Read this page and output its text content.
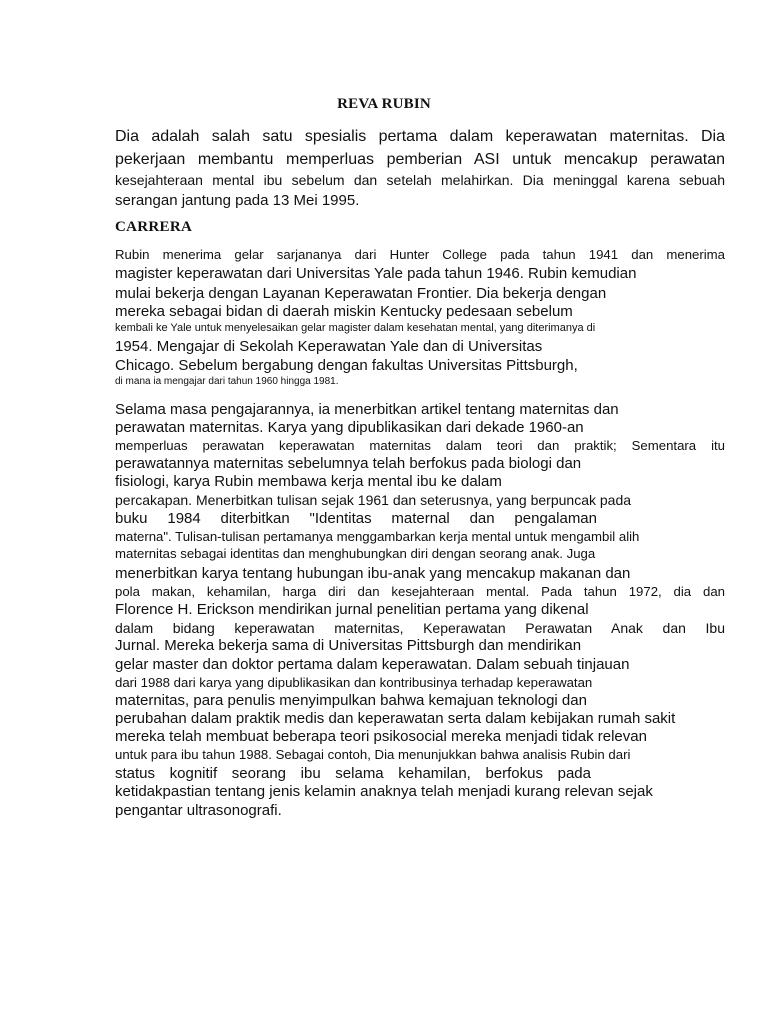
REVA RUBIN
Dia adalah salah satu spesialis pertama dalam keperawatan maternitas. Dia
pekerjaan membantu memperluas pemberian ASI untuk mencakup perawatan
kesejahteraan mental ibu sebelum dan setelah melahirkan. Dia meninggal karena sebuah
serangan jantung pada 13 Mei 1995.
CARRERA
Rubin menerima gelar sarjananya dari Hunter College pada tahun 1941 dan menerima
magister keperawatan dari Universitas Yale pada tahun 1946. Rubin kemudian
mulai bekerja dengan Layanan Keperawatan Frontier. Dia bekerja dengan
mereka sebagai bidan di daerah miskin Kentucky pedesaan sebelum
kembali ke Yale untuk menyelesaikan gelar magister dalam kesehatan mental, yang diterimanya di
1954. Mengajar di Sekolah Keperawatan Yale dan di Universitas
Chicago. Sebelum bergabung dengan fakultas Universitas Pittsburgh,
di mana ia mengajar dari tahun 1960 hingga 1981.
Selama masa pengajarannya, ia menerbitkan artikel tentang maternitas dan
perawatan maternitas. Karya yang dipublikasikan dari dekade 1960-an
memperluas perawatan keperawatan maternitas dalam teori dan praktik; Sementara itu
perawatannya maternitas sebelumnya telah berfokus pada biologi dan
fisiologi, karya Rubin membawa kerja mental ibu ke dalam
percakapan. Menerbitkan tulisan sejak 1961 dan seterusnya, yang berpuncak pada
buku 1984 diterbitkan "Identitas maternal dan pengalaman
materna". Tulisan-tulisan pertamanya menggambarkan kerja mental untuk mengambil alih
maternitas sebagai identitas dan menghubungkan diri dengan seorang anak. Juga
menerbitkan karya tentang hubungan ibu-anak yang mencakup makanan dan
pola makan, kehamilan, harga diri dan kesejahteraan mental. Pada tahun 1972, dia dan
Florence H. Erickson mendirikan jurnal penelitian pertama yang dikenal
dalam bidang keperawatan maternitas, Keperawatan Perawatan Anak dan Ibu
Jurnal. Mereka bekerja sama di Universitas Pittsburgh dan mendirikan
gelar master dan doktor pertama dalam keperawatan. Dalam sebuah tinjauan
dari 1988 dari karya yang dipublikasikan dan kontribusinya terhadap keperawatan
maternitas, para penulis menyimpulkan bahwa kemajuan teknologi dan
perubahan dalam praktik medis dan keperawatan serta dalam kebijakan rumah sakit
mereka telah membuat beberapa teori psikosocial mereka menjadi tidak relevan
untuk para ibu tahun 1988. Sebagai contoh, Dia menunjukkan bahwa analisis Rubin dari
status kognitif seorang ibu selama kehamilan, berfokus pada
ketidakpastian tentang jenis kelamin anaknya telah menjadi kurang relevan sejak
pengantar ultrasonografi.
